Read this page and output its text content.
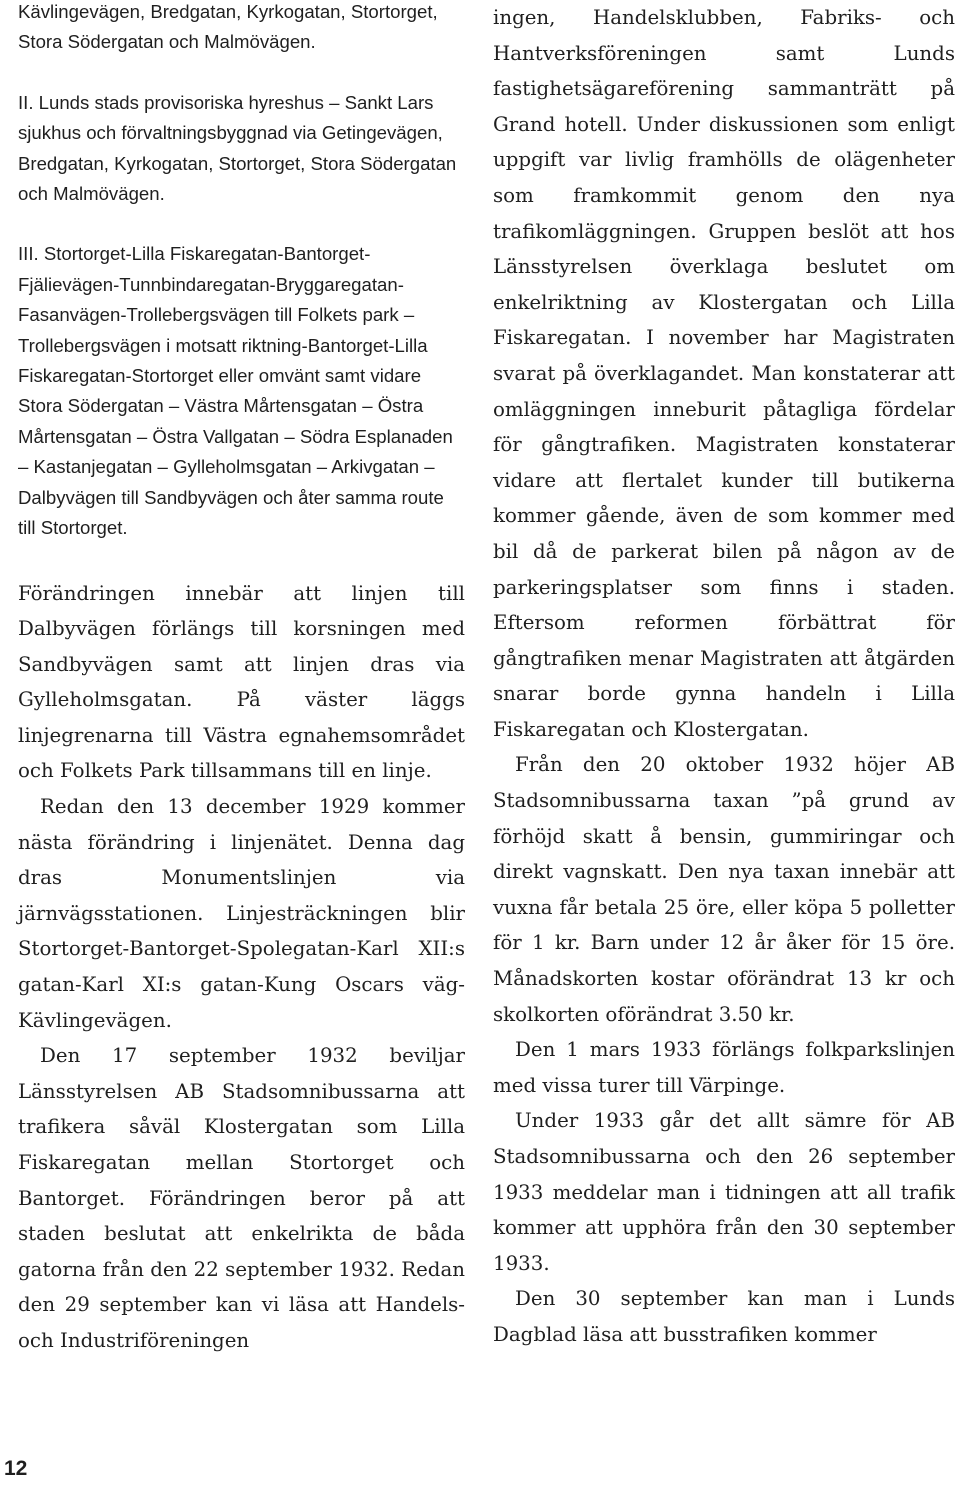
Kävlingevägen, Bredgatan, Kyrkogatan, Stortorget, Stora Södergatan och Malmövägen.

II. Lunds stads provisoriska hyreshus – Sankt Lars sjukhus och förvaltningsbyggnad via Getingevägen, Bredgatan, Kyrkogatan, Stortorget, Stora Södergatan och Malmövägen.

III. Stortorget-Lilla Fiskaregatan-Bantorget-Fjälievägen-Tunnbindaregatan-Bryggaregatan-Fasanvägen-Trollebergsvägen till Folkets park – Trollebergsvägen i motsatt riktning-Bantorget-Lilla Fiskaregatan-Stortorget eller omvänt samt vidare Stora Södergatan – Västra Mårtensgatan – Östra Mårtensgatan – Östra Vallgatan – Södra Esplanaden – Kastanjegatan – Gylleholmsgatan – Arkivgatan – Dalbyvägen till Sandbyvägen och åter samma route till Stortorget.

Förändringen innebär att linjen till Dalbyvägen förlängs till korsningen med Sandbyvägen samt att linjen dras via Gylleholmsgatan. På väster läggs linjegrenarna till Västra egnahemsområdet och Folkets Park tillsammans till en linje.

Redan den 13 december 1929 kommer nästa förändring i linjenätet. Denna dag dras Monumentslinjen via järnvägsstationen. Linjesträckningen blir Stortorget-Bantorget-Spolegatan-Karl XII:s gatan-Karl XI:s gatan-Kung Oscars väg-Kävlingevägen.

Den 17 september 1932 beviljar Länsstyrelsen AB Stadsomnibussarna att trafikera såväl Klostergatan som Lilla Fiskaregatan mellan Stortorget och Bantorget. Förändringen beror på att staden beslutat att enkelrikta de båda gatorna från den 22 september 1932. Redan den 29 september kan vi läsa att Handels- och Industriföreningen

ingen, Handelsklubben, Fabriks- och Hantverksföreningen samt Lunds fastighetsägareförening sammanträtt på Grand hotell. Under diskussionen som enligt uppgift var livlig framhölls de olägenheter som framkommit genom den nya trafikomläggningen. Gruppen beslöt att hos Länsstyrelsen överklaga beslutet om enkelriktning av Klostergatan och Lilla Fiskaregatan. I november har Magistraten svarat på överklagandet. Man konstaterar att omläggningen inneburit påtagliga fördelar för gångtrafiken. Magistraten konstaterar vidare att flertalet kunder till butikerna kommer gående, även de som kommer med bil då de parkerat bilen på någon av de parkeringsplatser som finns i staden. Eftersom reformen förbättrat för gångtrafiken menar Magistraten att åtgärden snarar borde gynna handeln i Lilla Fiskaregatan och Klostergatan.

Från den 20 oktober 1932 höjer AB Stadsomnibussarna taxan ”på grund av förhöjd skatt å bensin, gummiringar och direkt vagnskatt. Den nya taxan innebär att vuxna får betala 25 öre, eller köpa 5 polletter för 1 kr. Barn under 12 år åker för 15 öre. Månadskorten kostar oförändrat 13 kr och skolkorten oförändrat 3.50 kr.

Den 1 mars 1933 förlängs folkparkslinjen med vissa turer till Värpinge.

Under 1933 går det allt sämre för AB Stadsomnibussarna och den 26 september 1933 meddelar man i tidningen att all trafik kommer att upphöra från den 30 september 1933.

Den 30 september kan man i Lunds Dagblad läsa att busstrafiken kommer

12
